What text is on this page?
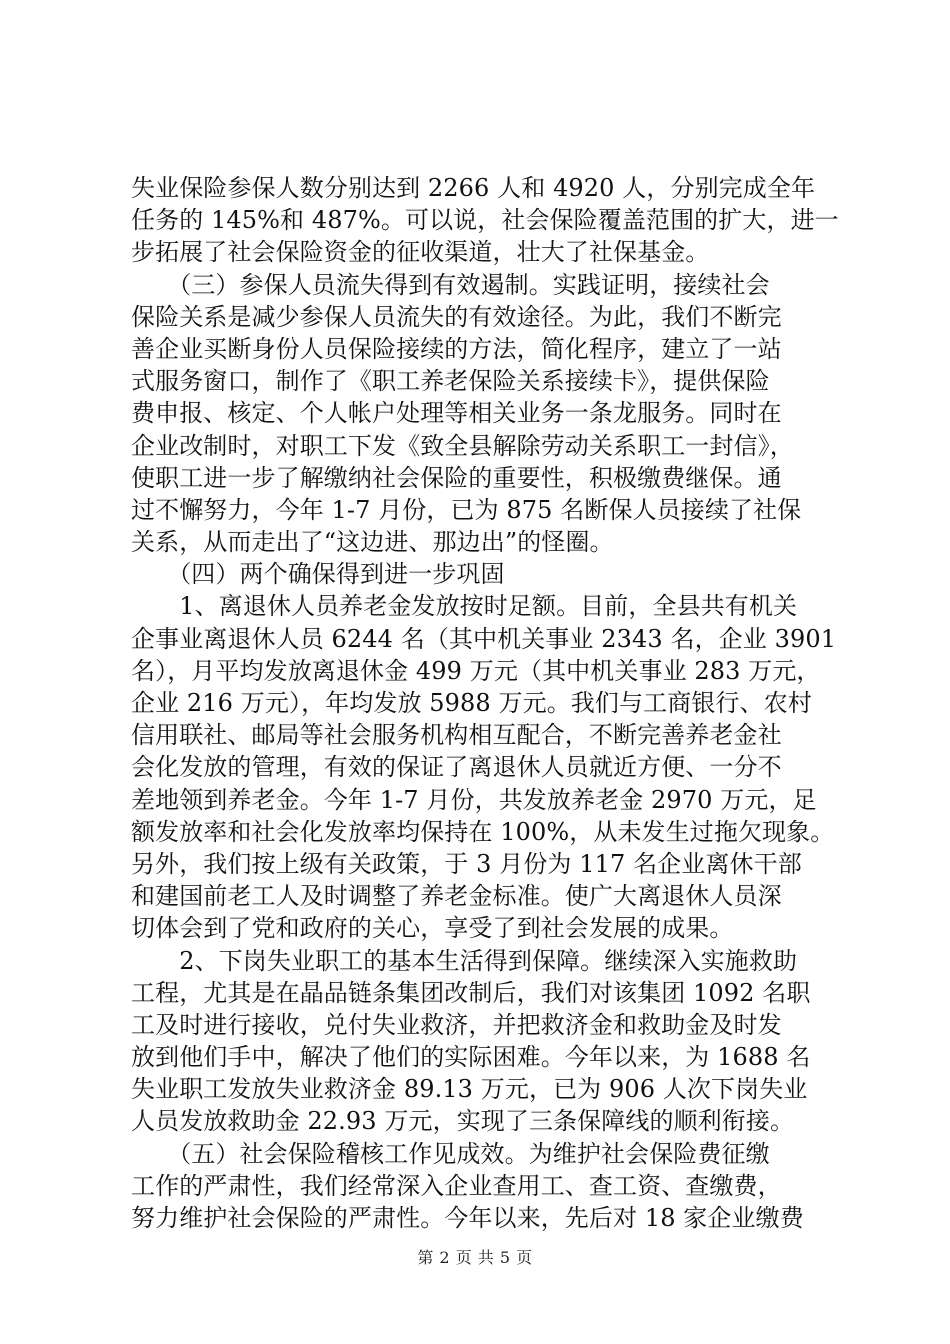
失业保险参保人数分别达到 2266 人和 4920 人，分别完成全年
任务的 145%和 487%。可以说，社会保险覆盖范围的扩大，进一
步拓展了社会保险资金的征收渠道，壮大了社保基金。
　　（三）参保人员流失得到有效遏制。实践证明，接续社会
保险关系是减少参保人员流失的有效途径。为此，我们不断完
善企业买断身份人员保险接续的方法，简化程序，建立了一站
式服务窗口，制作了《职工养老保险关系接续卡》，提供保险
费申报、核定、个人帐户处理等相关业务一条龙服务。同时在
企业改制时，对职工下发《致全县解除劳动关系职工一封信》，
使职工进一步了解缴纳社会保险的重要性，积极缴费继保。通
过不懈努力，今年 1-7 月份，已为 875 名断保人员接续了社保
关系，从而走出了“这边进、那边出”的怪圈。
　　（四）两个确保得到进一步巩固
　　1、离退休人员养老金发放按时足额。目前，全县共有机关
企事业离退休人员 6244 名（其中机关事业 2343 名，企业 3901
名），月平均发放离退休金 499 万元（其中机关事业 283 万元，
企业 216 万元），年均发放 5988 万元。我们与工商银行、农村
信用联社、邮局等社会服务机构相互配合，不断完善养老金社
会化发放的管理，有效的保证了离退休人员就近方便、一分不
差地领到养老金。今年 1-7 月份，共发放养老金 2970 万元，足
额发放率和社会化发放率均保持在 100%，从未发生过拖欠现象。
另外，我们按上级有关政策，于 3 月份为 117 名企业离休干部
和建国前老工人及时调整了养老金标准。使广大离退休人员深
切体会到了党和政府的关心，享受了到社会发展的成果。
　　2、下岗失业职工的基本生活得到保障。继续深入实施救助
工程，尤其是在晶品链条集团改制后，我们对该集团 1092 名职
工及时进行接收，兑付失业救济，并把救济金和救助金及时发
放到他们手中，解决了他们的实际困难。今年以来，为 1688 名
失业职工发放失业救济金 89.13 万元，已为 906 人次下岗失业
人员发放救助金 22.93 万元，实现了三条保障线的顺利衔接。
　　（五）社会保险稽核工作见成效。为维护社会保险费征缴
工作的严肃性，我们经常深入企业查用工、查工资、查缴费，
努力维护社会保险的严肃性。今年以来，先后对 18 家企业缴费
第 2 页 共 5 页
